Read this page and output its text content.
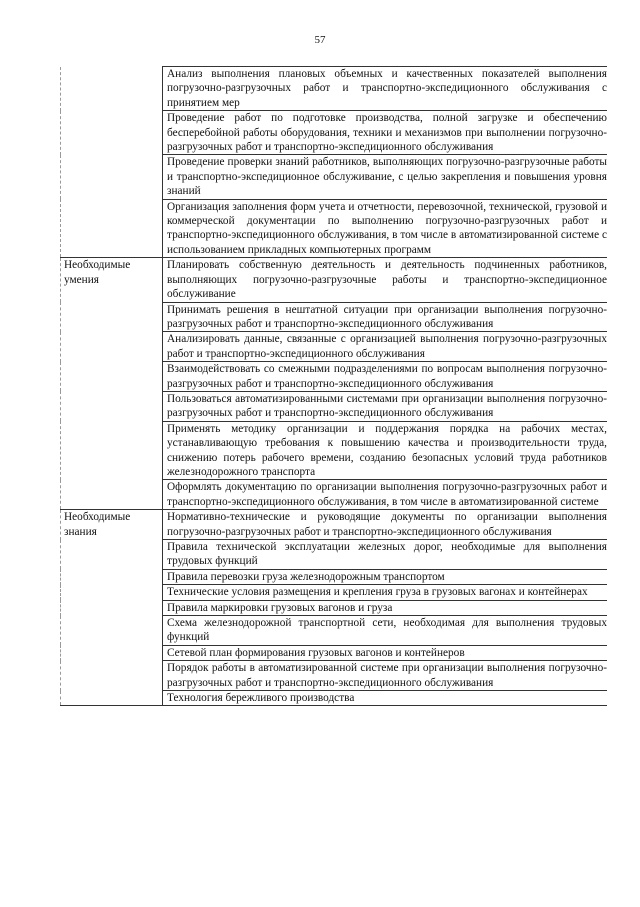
57
	Анализ выполнения плановых объемных и качественных показателей выполнения погрузочно-разгрузочных работ и транспортно-экспедиционного обслуживания с принятием мер
	Проведение работ по подготовке производства, полной загрузке и обеспечению бесперебойной работы оборудования, техники и механизмов при выполнении погрузочно-разгрузочных работ и транспортно-экспедиционного обслуживания
	Проведение проверки знаний работников, выполняющих погрузочно-разгрузочные работы и транспортно-экспедиционное обслуживание, с целью закрепления и повышения уровня знаний
	Организация заполнения форм учета и отчетности, перевозочной, технической, грузовой и коммерческой документации по выполнению погрузочно-разгрузочных работ и транспортно-экспедиционного обслуживания, в том числе в автоматизированной системе с использованием прикладных компьютерных программ
Необходимые умения	Планировать собственную деятельность и деятельность подчиненных работников, выполняющих погрузочно-разгрузочные работы и транспортно-экспедиционное обслуживание
	Принимать решения в нештатной ситуации при организации выполнения погрузочно-разгрузочных работ и транспортно-экспедиционного обслуживания
	Анализировать данные, связанные с организацией выполнения погрузочно-разгрузочных работ и транспортно-экспедиционного обслуживания
	Взаимодействовать со смежными подразделениями по вопросам выполнения погрузочно-разгрузочных работ и транспортно-экспедиционного обслуживания
	Пользоваться автоматизированными системами при организации выполнения погрузочно-разгрузочных работ и транспортно-экспедиционного обслуживания
	Применять методику организации и поддержания порядка на рабочих местах, устанавливающую требования к повышению качества и производительности труда, снижению потерь рабочего времени, созданию безопасных условий труда работников железнодорожного транспорта
	Оформлять документацию по организации выполнения погрузочно-разгрузочных работ и транспортно-экспедиционного обслуживания, в том числе в автоматизированной системе
Необходимые знания	Нормативно-технические и руководящие документы по организации выполнения погрузочно-разгрузочных работ и транспортно-экспедиционного обслуживания
	Правила технической эксплуатации железных дорог, необходимые для выполнения трудовых функций
	Правила перевозки груза железнодорожным транспортом
	Технические условия размещения и крепления груза в грузовых вагонах и контейнерах
	Правила маркировки грузовых вагонов и груза
	Схема железнодорожной транспортной сети, необходимая для выполнения трудовых функций
	Сетевой план формирования грузовых вагонов и контейнеров
	Порядок работы в автоматизированной системе при организации выполнения погрузочно-разгрузочных работ и транспортно-экспедиционного обслуживания
	Технология бережливого производства
